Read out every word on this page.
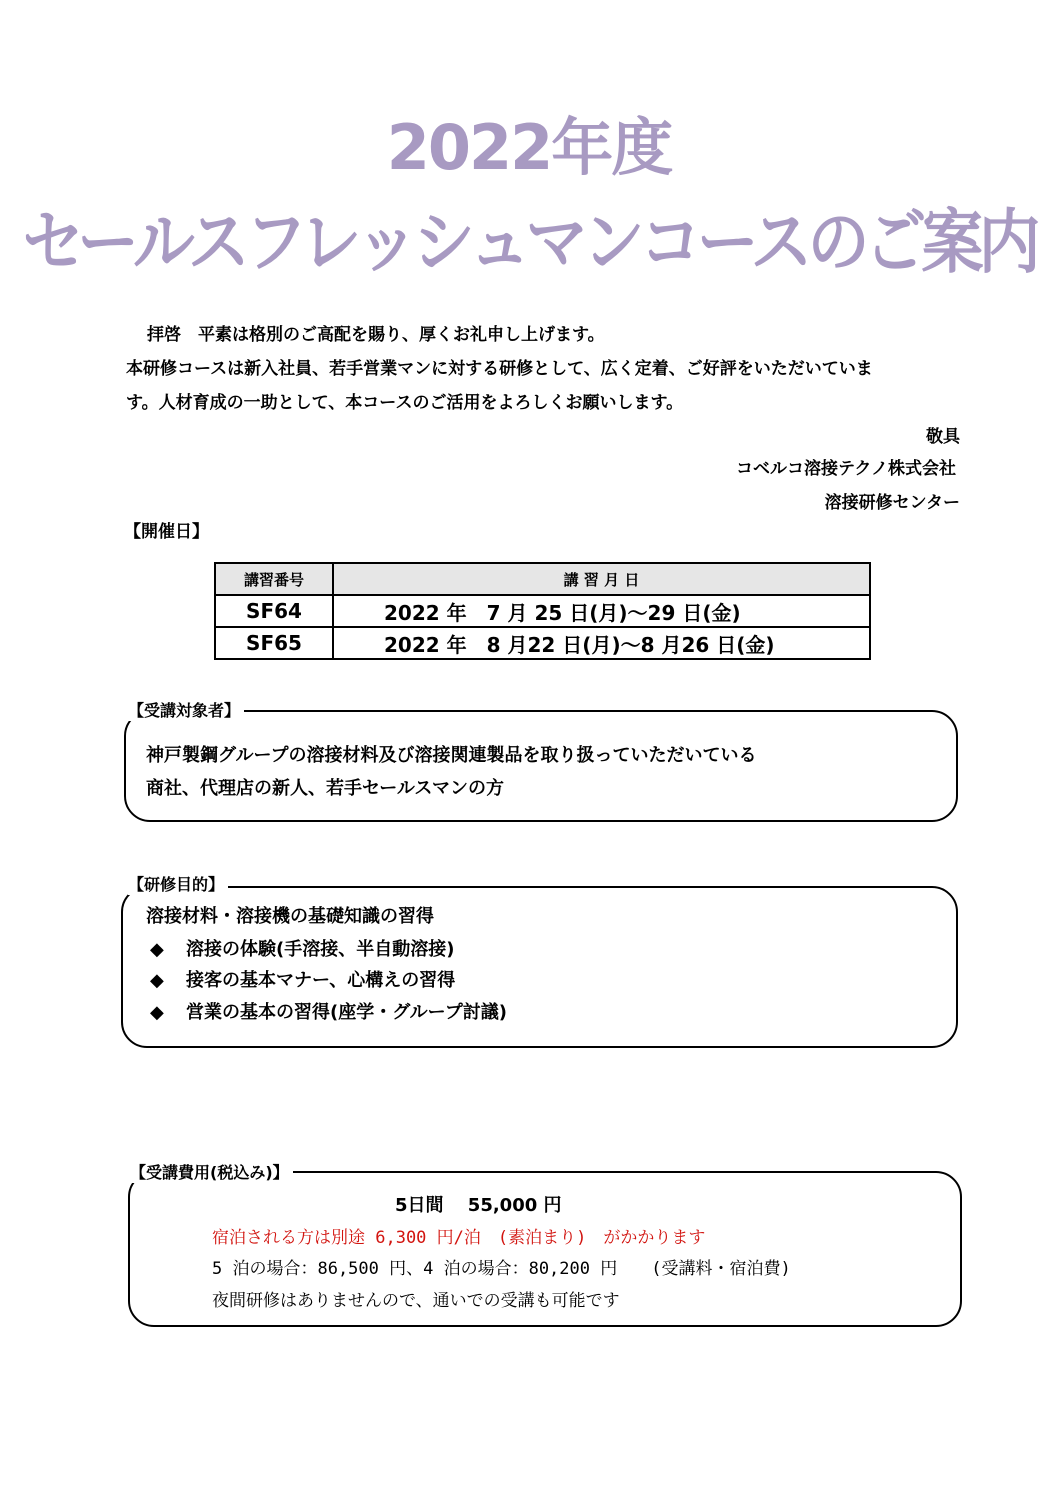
2022年度
セールスフレッシュマンコースのご案内
拝啓　平素は格別のご高配を賜り、厚くお礼申し上げます。
本研修コースは新入社員、若手営業マンに対する研修として、広く定着、ご好評をいただいていま
す。人材育成の一助として、本コースのご活用をよろしくお願いします。
敬具
コベルコ溶接テクノ株式会社
溶接研修センター
【開催日】
講習番号	講 習 月 日
SF64	2022 年　7 月 25 日(月)～29 日(金)
SF65	2022 年　8 月22 日(月)～8 月26 日(金)
【受講対象者】
神戸製鋼グループの溶接材料及び溶接関連製品を取り扱っていただいている
商社、代理店の新人、若手セールスマンの方
【研修目的】
溶接材料・溶接機の基礎知識の習得
◆ 溶接の体験(手溶接、半自動溶接)
◆ 接客の基本マナー、心構えの習得
◆ 営業の基本の習得(座学・グループ討議)
【受講費用(税込み)】
5日間　 55,000 円
宿泊される方は別途 6,300 円/泊　(素泊まり)　がかかります
5 泊の場合：86,500 円、4 泊の場合：80,200 円　　(受講料・宿泊費)
夜間研修はありませんので、通いでの受講も可能です
